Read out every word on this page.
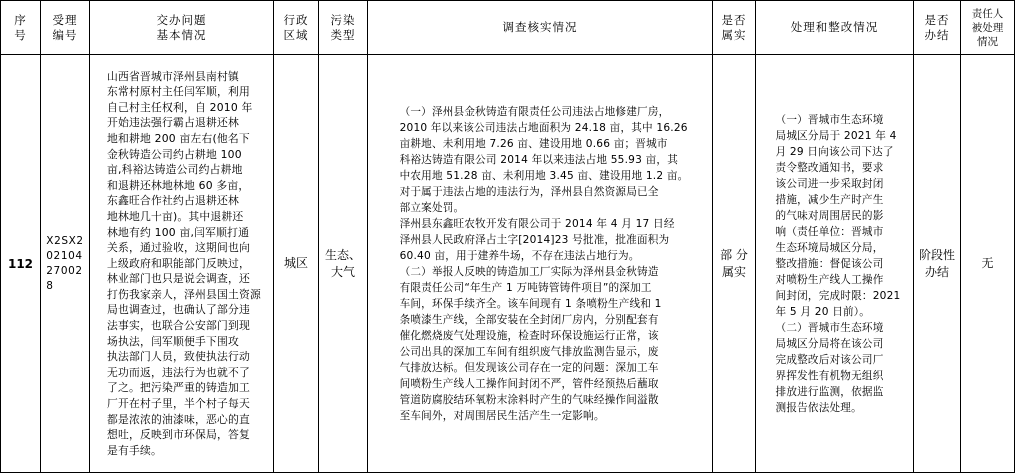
序
号
受理
编号
交办问题
基本情况
行政
区域
污染
类型
调查核实情况
是否
属实
处理和整改情况
是否
办结
责任人
被处理
情况
112
X2SX2
02104
27002
8
山西省晋城市泽州县南村镇
东常村原村主任闫军顺，利用
自己村主任权利，自 2010 年
开始违法强行霸占退耕还林
地和耕地 200 亩左右(他名下
金秋铸造公司约占耕地 100
亩,科裕达铸造公司约占耕地
和退耕还林地林地 60 多亩，
东鑫旺合作社约占退耕还林
地林地几十亩)。其中退耕还
林地有约 100 亩,闫军顺打通
关系，通过验收，这期间也向
上级政府和职能部门反映过，
林业部门也只是说会调查，还
打伤我家亲人，泽州县国土资源
局也调查过，也确认了部分违
法事实，也联合公安部门到现
场执法，闫军顺便手下围攻
执法部门人员，致使执法行动
无功而返，违法行为也就不了
了之。把污染严重的铸造加工
厂开在村子里，半个村子每天
都是浓浓的油漆味，恶心的直
想吐，反映到市环保局，答复
是有手续。
城区
生态、
大气
（一）泽州县金秋铸造有限责任公司违法占地修建厂房，
2010 年以来该公司违法占地面积为 24.18 亩，其中 16.26
亩耕地、未利用地 7.26 亩、建设用地 0.66 亩；晋城市
科裕达铸造有限公司 2014 年以来违法占地 55.93 亩，其
中农用地 51.28 亩、未利用地 3.45 亩、建设用地 1.2 亩。
对于属于违法占地的违法行为，泽州县自然资源局已全
部立案处罚。
泽州县东鑫旺农牧开发有限公司于 2014 年 4 月 17 日经
泽州县人民政府泽占土字[2014]23 号批准，批准面积为
60.40 亩，用于建养牛场，不存在违法占地行为。
（二）举报人反映的铸造加工厂实际为泽州县金秋铸造
有限责任公司“年生产 1 万吨铸管铸件项目”的深加工
车间，环保手续齐全。该车间现有 1 条喷粉生产线和 1
条喷漆生产线，全部安装在全封闭厂房内，分别配套有
催化燃烧废气处理设施，检查时环保设施运行正常，该
公司出具的深加工车间有组织废气排放监测告显示，废
气排放达标。但发现该公司存在一定的问题：深加工车
间喷粉生产线人工操作间封闭不严，管件经预热后蘸取
管道防腐胶结环氧粉末涂料时产生的气味经操作间溢散
至车间外，对周围居民生活产生一定影响。
部 分
属实
（一）晋城市生态环境
局城区分局于 2021 年 4
月 29 日向该公司下达了
责令整改通知书，要求
该公司进一步采取封闭
措施，减少生产时产生
的气味对周围居民的影
响（责任单位：晋城市
生态环境局城区分局，
整改措施：督促该公司
对喷粉生产线人工操作
间封闭，完成时限：2021
年 5 月 20 日前）。
（二）晋城市生态环境
局城区分局将在该公司
完成整改后对该公司厂
界挥发性有机物无组织
排放进行监测，依据监
测报告依法处理。
阶段性
办结
无
